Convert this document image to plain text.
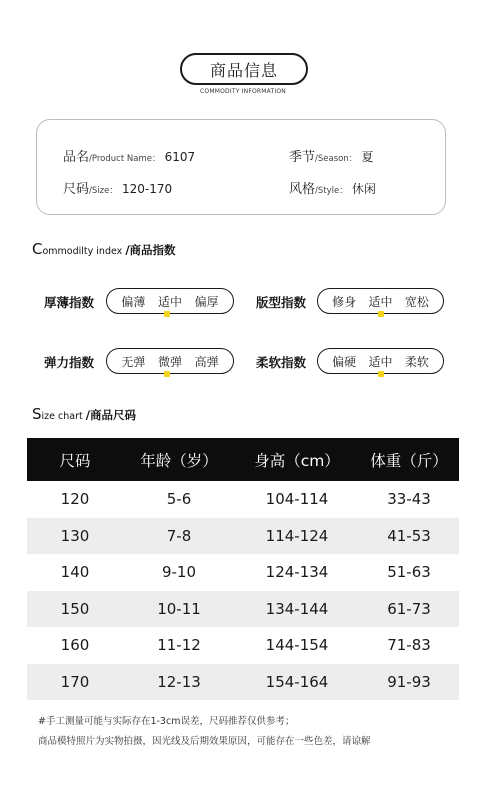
商品信息
COMMODITY INFORMATION
品名/Product Name： 6107	季节/Season： 夏
尺码/Size： 120-170	风格/Style： 休闲
Commodilty index /商品指数
厚薄指数 偏薄 适中 偏厚	版型指数 修身 适中 宽松
弹力指数 无弹 微弹 高弹	柔软指数 偏硬 适中 柔软
Size chart /商品尺码
尺码	年龄（岁）	身高（cm）	体重（斤）
120	5-6	104-114	33-43
130	7-8	114-124	41-53
140	9-10	124-134	51-63
150	10-11	134-144	61-73
160	11-12	144-154	71-83
170	12-13	154-164	91-93
#手工测量可能与实际存在1-3cm误差，尺码推荐仅供参考；
商品模特照片为实物拍摄，因光线及后期效果原因，可能存在一些色差，请谅解
